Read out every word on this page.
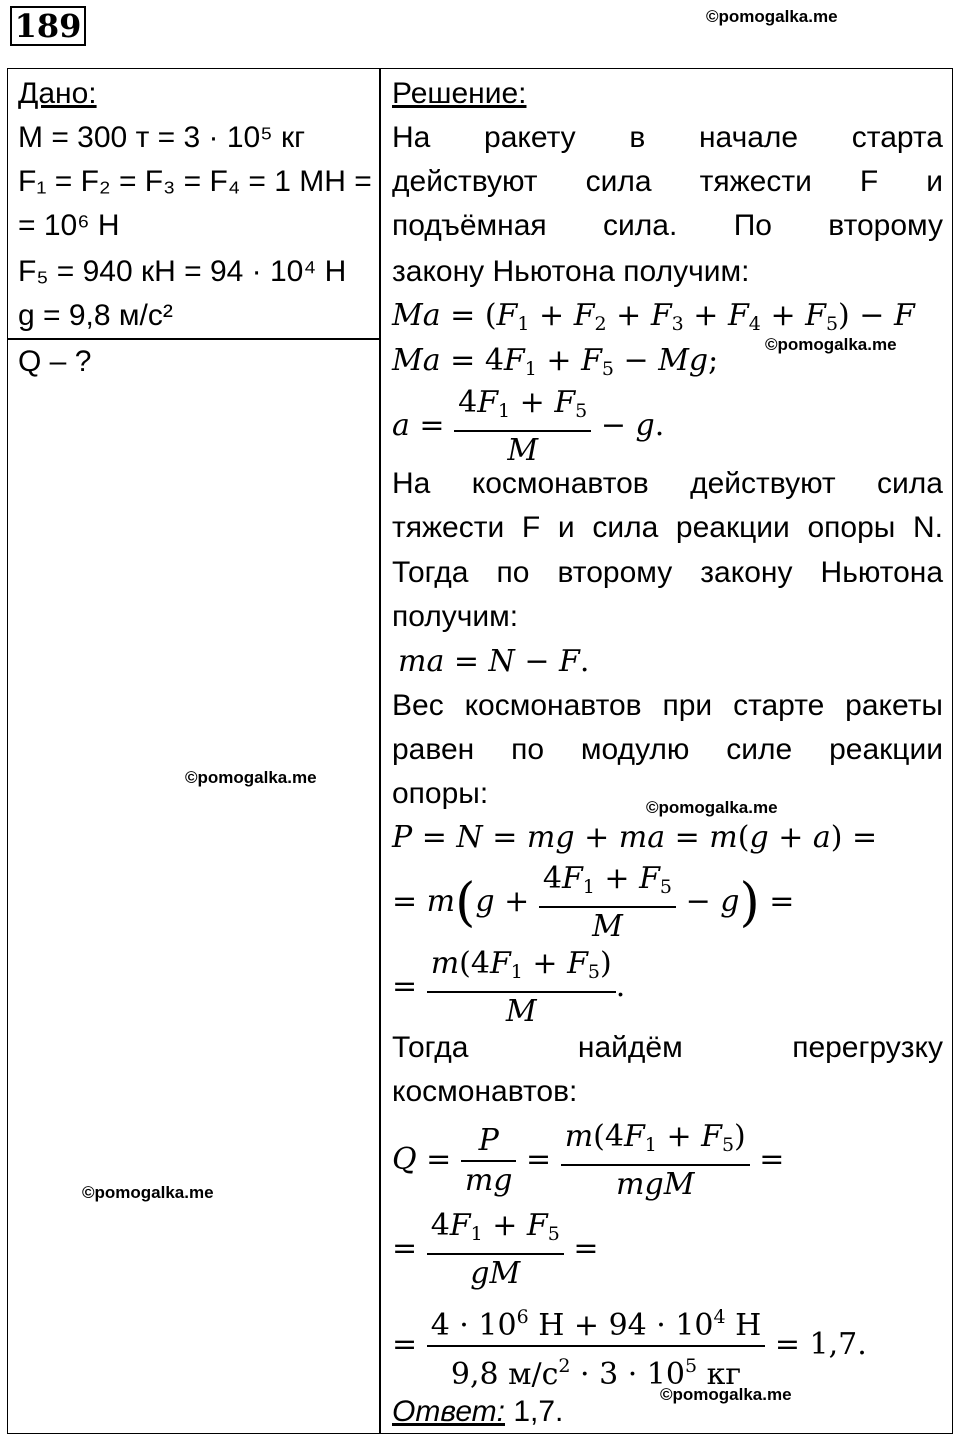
189	©pomogalka.me
©pomogalka.me
©pomogalka.me
©pomogalka.me
©pomogalka.me
©pomogalka.me
Дано:
M = 300 т = 3 · 10⁵ кг
F₁ = F₂ = F₃ = F₄ = 1 МН =
= 10⁶ Н
F₅ = 940 кН = 94 · 10⁴ Н
g = 9,8 м/с²
Q – ?
Решение:
На ракету в начале старта
действуют сила тяжести F и
подъёмная сила. По второму
закону Ньютона получим:
$Ma = (F_1 + F_2 + F_3 + F_4 + F_5) - F$
$Ma = 4F_1 + F_5 - Mg$;
$a = \frac{4F_1 + F_5}{M} - g$.
На космонавтов действуют сила
тяжести F и сила реакции опоры N.
Тогда по второму закону Ньютона
получим:
ma = N − F.
Вес космонавтов при старте ракеты
равен по модулю силе реакции
опоры:
P = N = mg + ma = m(g + a) =
= $m(g + \frac{4F_1 + F_5}{M} - g)$ =
= $\frac{m(4F_1 + F_5)}{M}$ .
Тогда найдём перегрузку
космонавтов:
$Q = \frac{P}{mg} = \frac{m(4F_1 + F_5)}{\text{mgM}}$ =
= $\frac{4F_1 + F_5}{gM}$ =
= $\frac{4 \cdot 10^6 Н + 94 \cdot 10^4 Н}{9,8 м/с^2 \cdot 3 \cdot 10^5 кг} = 1,7$.
Ответ: 1,7.
